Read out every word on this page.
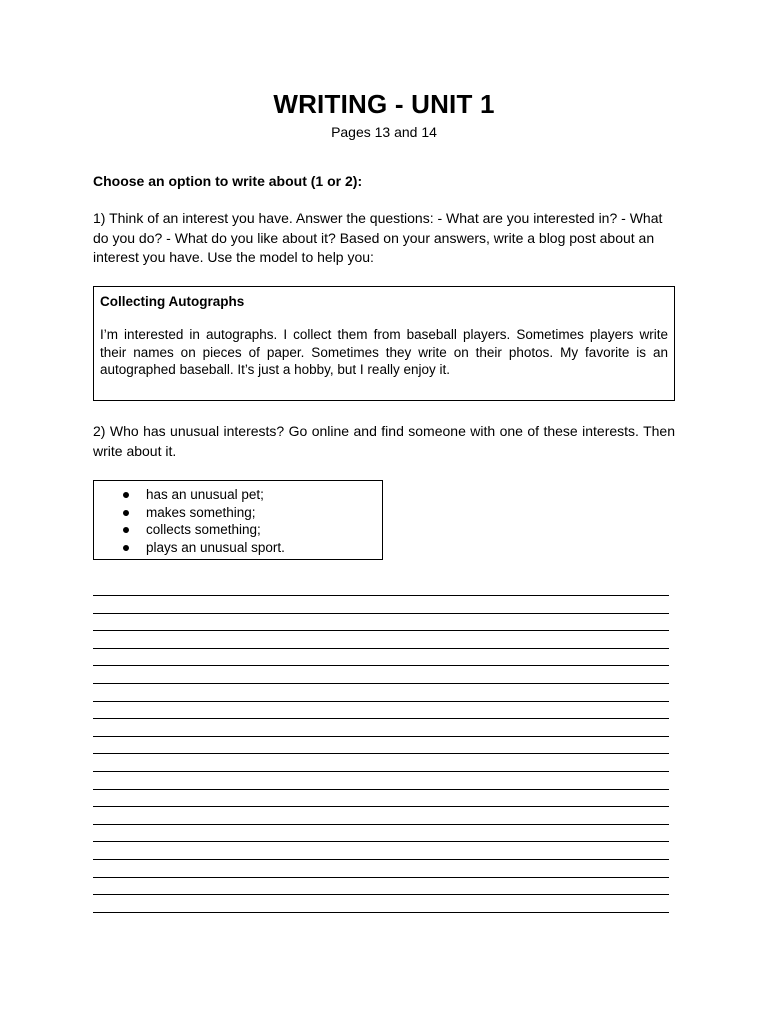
WRITING - UNIT 1
Pages 13 and 14
Choose an option to write about (1 or 2):
1) Think of an interest you have. Answer the questions: - What are you interested in? - What do you do? - What do you like about it? Based on your answers, write a blog post about an interest you have. Use the model to help you:
Collecting Autographs
I’m interested in autographs. I collect them from baseball players. Sometimes players write their names on pieces of paper. Sometimes they write on their photos. My favorite is an autographed baseball. It’s just a hobby, but I really enjoy it.
2) Who has unusual interests? Go online and find someone with one of these interests. Then write about it.
has an unusual pet;
makes something;
collects something;
plays an unusual sport.
